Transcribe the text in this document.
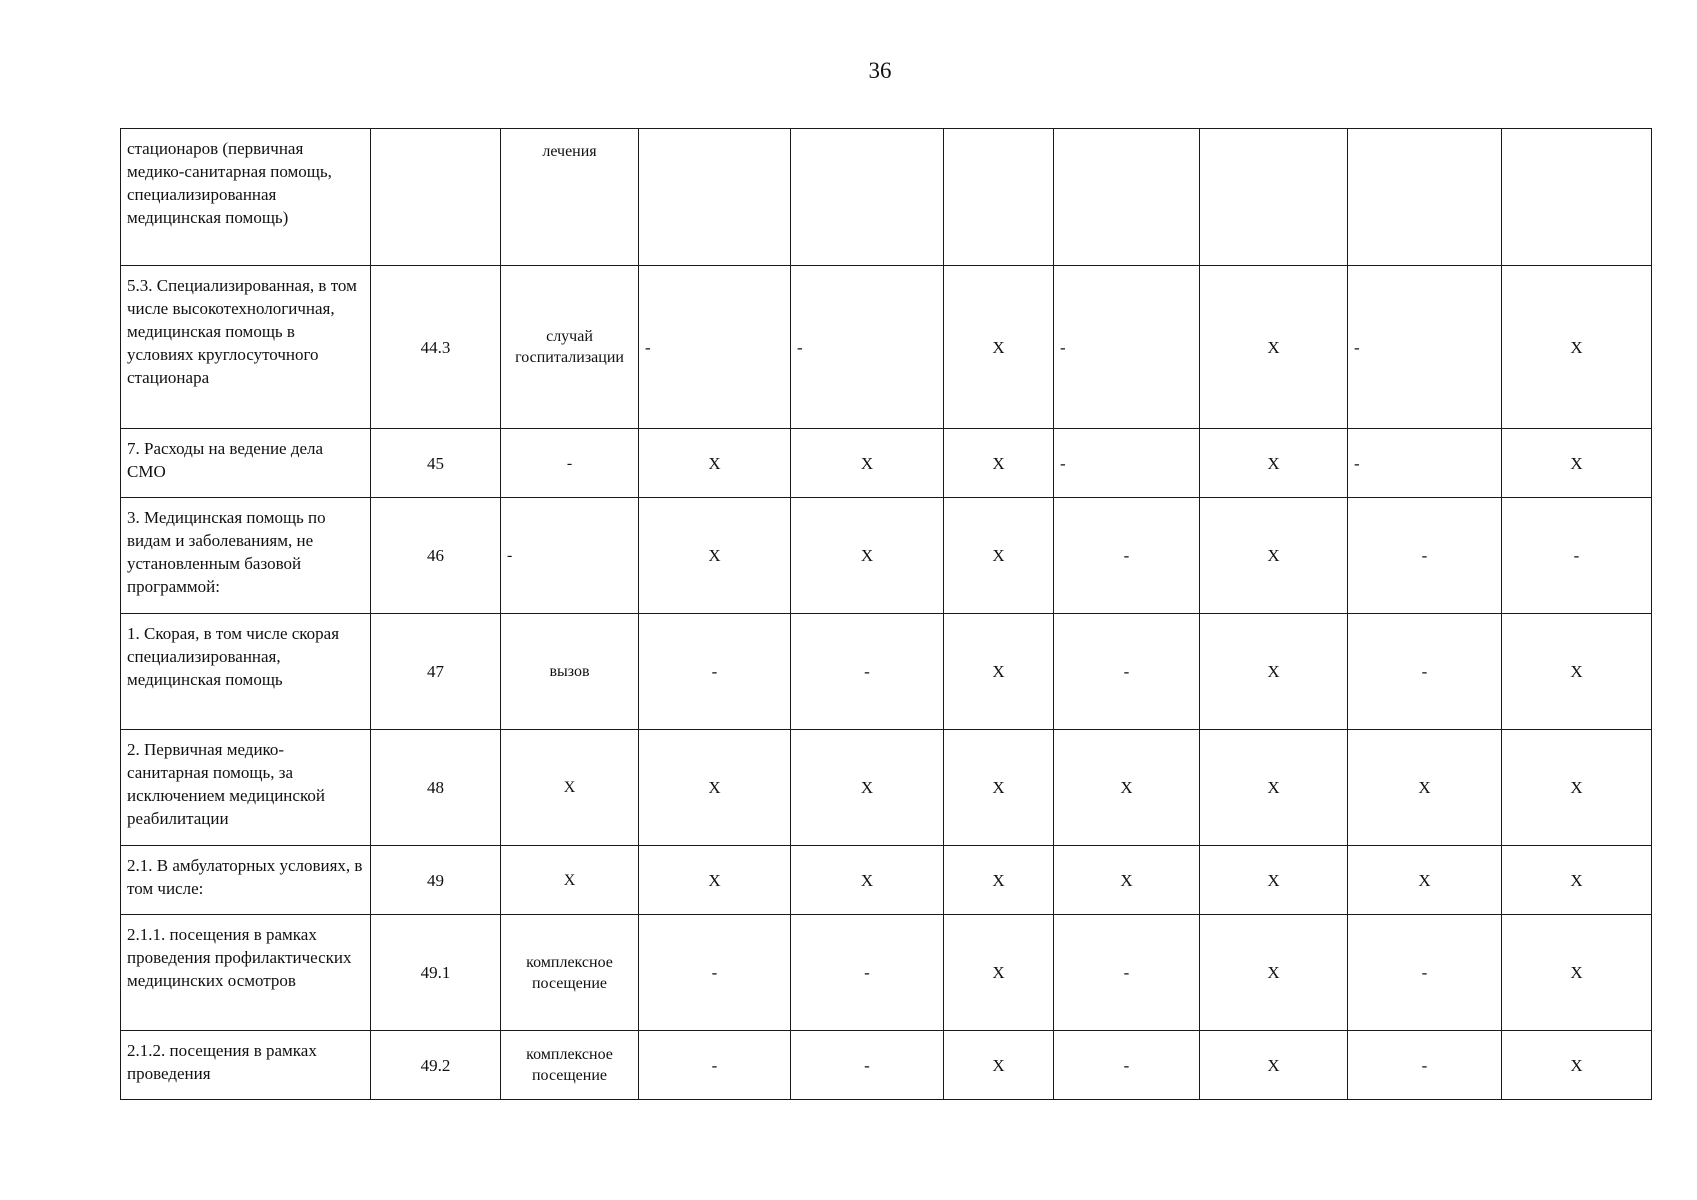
36
стационаров (первичная медико-санитарная помощь, специализированная медицинская помощь)		лечения							
5.3. Специализированная, в том числе высокотехнологичная, медицинская помощь в условиях круглосуточного стационара	44.3	случай госпитализации	-	-	Х	-	Х	-	Х
7. Расходы на ведение дела СМО	45	-	Х	Х	Х	-	Х	-	Х
3. Медицинская помощь по видам и заболеваниям, не установленным базовой программой:	46	-	Х	Х	Х	-	Х	-	-
1. Скорая, в том числе скорая специализированная, медицинская помощь	47	вызов	-	-	Х	-	Х	-	Х
2. Первичная медико-санитарная помощь, за исключением медицинской реабилитации	48	Х	Х	Х	Х	Х	Х	Х	Х
2.1. В амбулаторных условиях, в том числе:	49	Х	Х	Х	Х	Х	Х	Х	Х
2.1.1. посещения в рамках проведения профилактических медицинских осмотров	49.1	комплексное посещение	-	-	Х	-	Х	-	Х
2.1.2. посещения в рамках проведения	49.2	комплексное посещение	-	-	Х	-	Х	-	Х
